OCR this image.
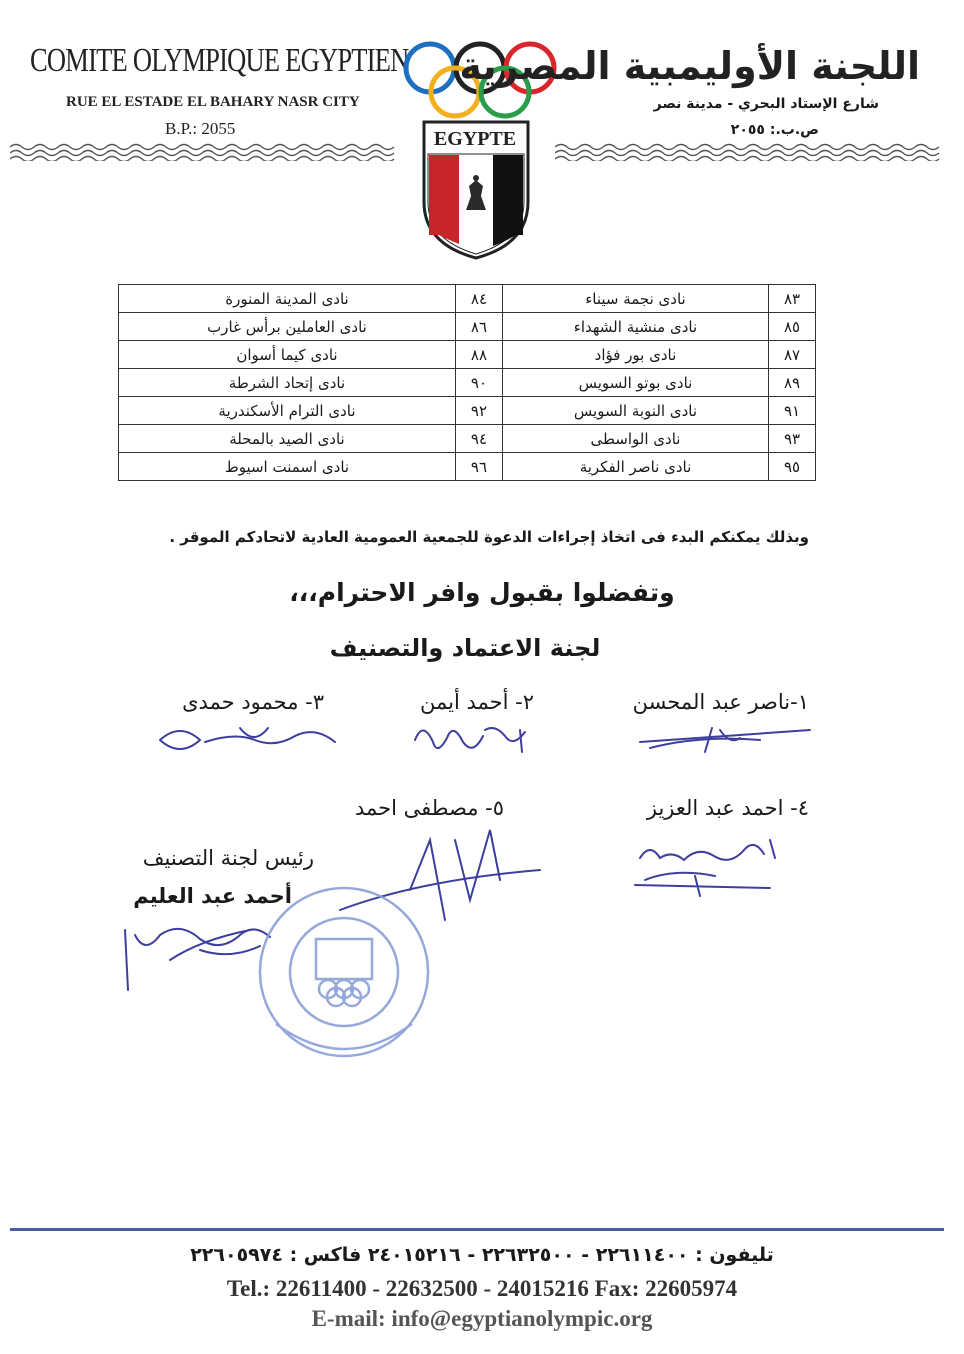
COMITE OLYMPIQUE EGYPTIEN
RUE EL ESTADE EL BAHARY NASR CITY
B.P.: 2055	EGYPTE
اللجنة الأوليمبية المصرية
شارع الإستاد البحري - مدينة نصر
ص.ب.: ٢٠٥٥
٨٣	نادى نجمة سيناء	٨٤	نادى المدينة المنورة
٨٥	نادى منشية الشهداء	٨٦	نادى العاملين برأس غارب
٨٧	نادى بور فؤاد	٨٨	نادى كيما أسوان
٨٩	نادى بوتو السويس	٩٠	نادى إتحاد الشرطة
٩١	نادى النوبة السويس	٩٢	نادى الترام الأسكندرية
٩٣	نادى الواسطى	٩٤	نادى الصيد بالمحلة
٩٥	نادى ناصر الفكرية	٩٦	نادى اسمنت اسيوط
وبذلك يمكنكم البدء فى اتخاذ إجراءات الدعوة للجمعية العمومية العادية لاتحادكم الموقر .
وتفضلوا بقبول وافر الاحترام،،،
لجنة الاعتماد والتصنيف
١-ناصر عبد المحسن
٢- أحمد أيمن
٣- محمود حمدى
٤- احمد عبد العزيز
٥- مصطفى احمد
رئيس لجنة التصنيف
أحمد عبد العليم
تليفون : ٢٢٦١١٤٠٠ - ٢٢٦٣٢٥٠٠ - ٢٤٠١٥٢١٦ فاكس : ٢٢٦٠٥٩٧٤
Tel.: 22611400 - 22632500 - 24015216 Fax: 22605974
E-mail: info@egyptianolympic.org
